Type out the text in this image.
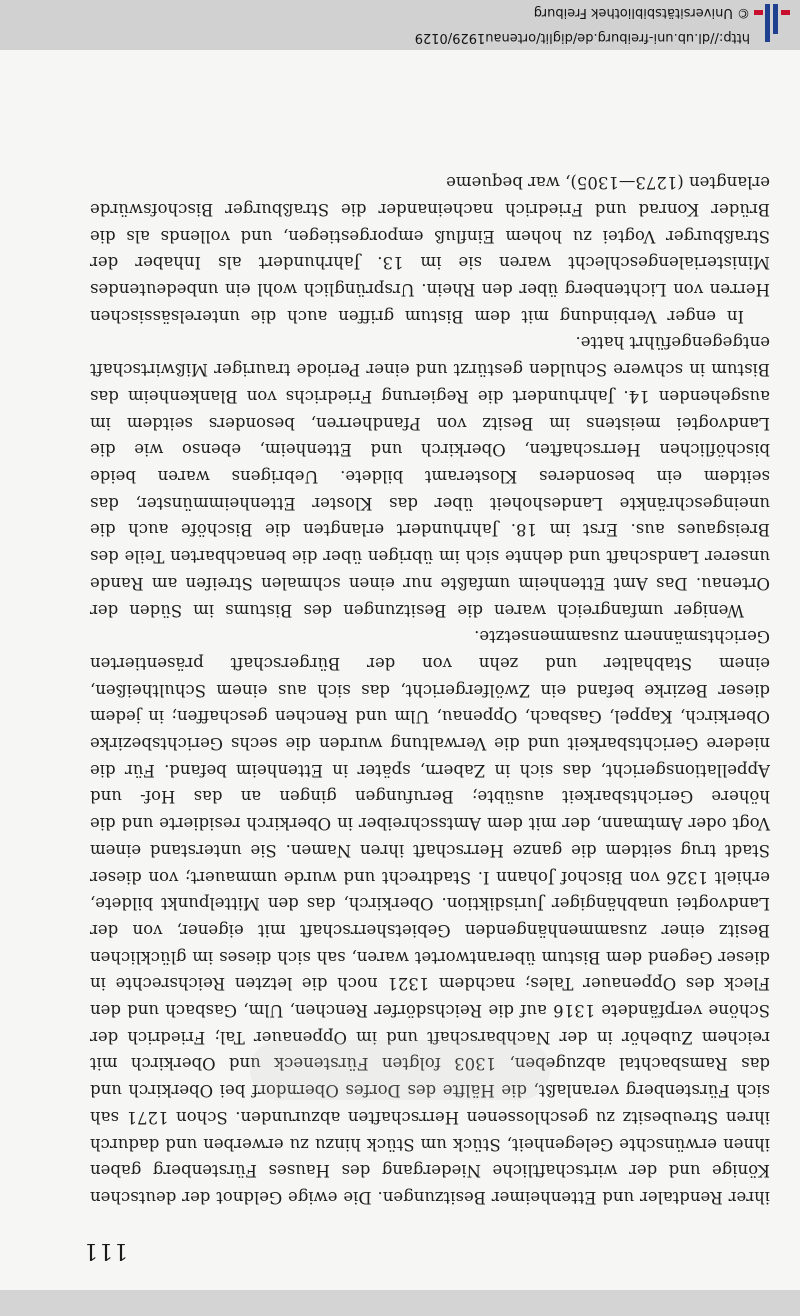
111

ihrer Rendtaler und Ettenheimer Besitzungen. Die ewige Geldnot der deutschen Könige und der wirtschaftliche Niedergang des Hauses Fürstenberg gaben ihnen erwünschte Gelegenheit, Stück um Stück hinzu zu erwerben und dadurch ihren Streubesitz zu geschlossenen Herrschaften abzurunden. Schon 1271 sah sich Fürstenberg veranlaßt, die Hälfte des Dorfes Oberndorf bei Oberkirch und das Ramsbachtal abzugeben, 1303 folgten Fürsteneck und Oberkirch mit reichem Zubehör in der Nachbarschaft und im Oppenauer Tal; Friedrich der Schöne verpfändete 1316 auf die Reichsdörfer Renchen, Ulm, Gasbach und den Fleck des Oppenauer Tales; nachdem 1321 noch die letzten Reichsrechte in dieser Gegend dem Bistum überantwortet waren, sah sich dieses im glücklichen Besitz einer zusammenhängenden Gebietsherrschaft mit eigener, von der Landvogtei unabhängiger Jurisdiktion. Oberkirch, das den Mittelpunkt bildete, erhielt 1326 von Bischof Johann I. Stadtrecht und wurde ummauert; von dieser Stadt trug seitdem die ganze Herrschaft ihren Namen. Sie unterstand einem Vogt oder Amtmann, der mit dem Amtsschreiber in Oberkirch residierte und die höhere Gerichtsbarkeit ausübte; Berufungen gingen an das Hof- und Appellationsgericht, das sich in Zabern, später in Ettenheim befand. Für die niedere Gerichtsbarkeit und die Verwaltung wurden die sechs Gerichtsbezirke Oberkirch, Kappel, Gasbach, Oppenau, Ulm und Renchen geschaffen; in jedem dieser Bezirke befand ein Zwölfergericht, das sich aus einem Schultheißen, einem Stabhalter und zehn von der Bürgerschaft präsentierten Gerichtsmännern zusammensetzte.

Weniger umfangreich waren die Besitzungen des Bistums im Süden der Ortenau. Das Amt Ettenheim umfaßte nur einen schmalen Streifen am Rande unserer Landschaft und dehnte sich im übrigen über die benachbarten Teile des Breisgaues aus. Erst im 18. Jahrhundert erlangten die Bischöfe auch die uneingeschränkte Landeshoheit über das Kloster Ettenheimmünster, das seitdem ein besonderes Klosteramt bildete. Uebrigens waren beide bischöflichen Herrschaften, Oberkirch und Ettenheim, ebenso wie die Landvogtei meistens im Besitz von Pfandherren, besonders seitdem im ausgehenden 14. Jahrhundert die Regierung Friedrichs von Blankenheim das Bistum in schwere Schulden gestürzt und einer Periode trauriger Mißwirtschaft entgegengeführt hatte.

In enger Verbindung mit dem Bistum griffen auch die unterelsässischen Herren von Lichtenberg über den Rhein. Ursprünglich wohl ein unbedeutendes Ministerialengeschlecht waren sie im 13. Jahrhundert als Inhaber der Straßburger Vogtei zu hohem Einfluß emporgestiegen, und vollends als die Brüder Konrad und Friedrich nacheinander die Straßburger Bischofswürde erlangten (1273—1305), war bequeme

© Universitätsbibliothek Freiburg
http://dl.ub.uni-freiburg.de/diglit/ortenau1929/0129
